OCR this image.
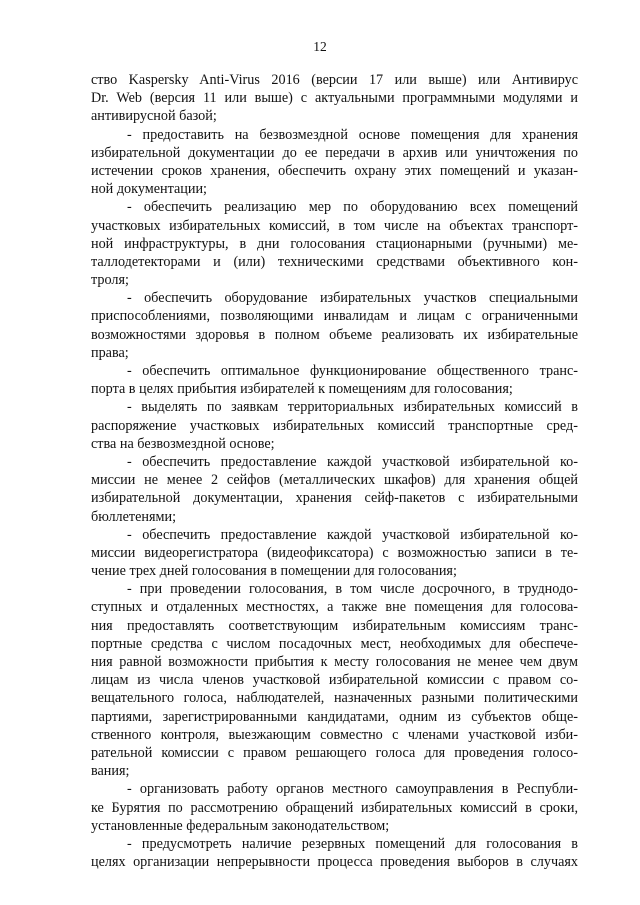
12
ство Kaspersky Anti-Virus 2016 (версии 17 или выше) или Антивирус
Dr. Web (версия 11 или выше) с актуальными программными модулями и
антивирусной базой;
- предоставить на безвозмездной основе помещения для хранения
избирательной документации до ее передачи в архив или уничтожения по
истечении сроков хранения, обеспечить охрану этих помещений и указан-
ной документации;
- обеспечить реализацию мер по оборудованию всех помещений
участковых избирательных комиссий, в том числе на объектах транспорт-
ной инфраструктуры, в дни голосования стационарными (ручными) ме-
таллодетекторами и (или) техническими средствами объективного кон-
троля;
- обеспечить оборудование избирательных участков специальными
приспособлениями, позволяющими инвалидам и лицам с ограниченными
возможностями здоровья в полном объеме реализовать их избирательные
права;
- обеспечить оптимальное функционирование общественного транс-
порта в целях прибытия избирателей к помещениям для голосования;
- выделять по заявкам территориальных избирательных комиссий в
распоряжение участковых избирательных комиссий транспортные сред-
ства на безвозмездной основе;
- обеспечить предоставление каждой участковой избирательной ко-
миссии не менее 2 сейфов (металлических шкафов) для хранения общей
избирательной документации, хранения сейф-пакетов с избирательными
бюллетенями;
- обеспечить предоставление каждой участковой избирательной ко-
миссии видеорегистратора (видеофиксатора) с возможностью записи в те-
чение трех дней голосования в помещении для голосования;
- при проведении голосования, в том числе досрочного, в труднодо-
ступных и отдаленных местностях, а также вне помещения для голосова-
ния предоставлять соответствующим избирательным комиссиям транс-
портные средства с числом посадочных мест, необходимых для обеспече-
ния равной возможности прибытия к месту голосования не менее чем двум
лицам из числа членов участковой избирательной комиссии с правом со-
вещательного голоса, наблюдателей, назначенных разными политическими
партиями, зарегистрированными кандидатами, одним из субъектов обще-
ственного контроля, выезжающим совместно с членами участковой изби-
рательной комиссии с правом решающего голоса для проведения голосо-
вания;
- организовать работу органов местного самоуправления в Республи-
ке Бурятия по рассмотрению обращений избирательных комиссий в сроки,
установленные федеральным законодательством;
- предусмотреть наличие резервных помещений для голосования в
целях организации непрерывности процесса проведения выборов в случаях
